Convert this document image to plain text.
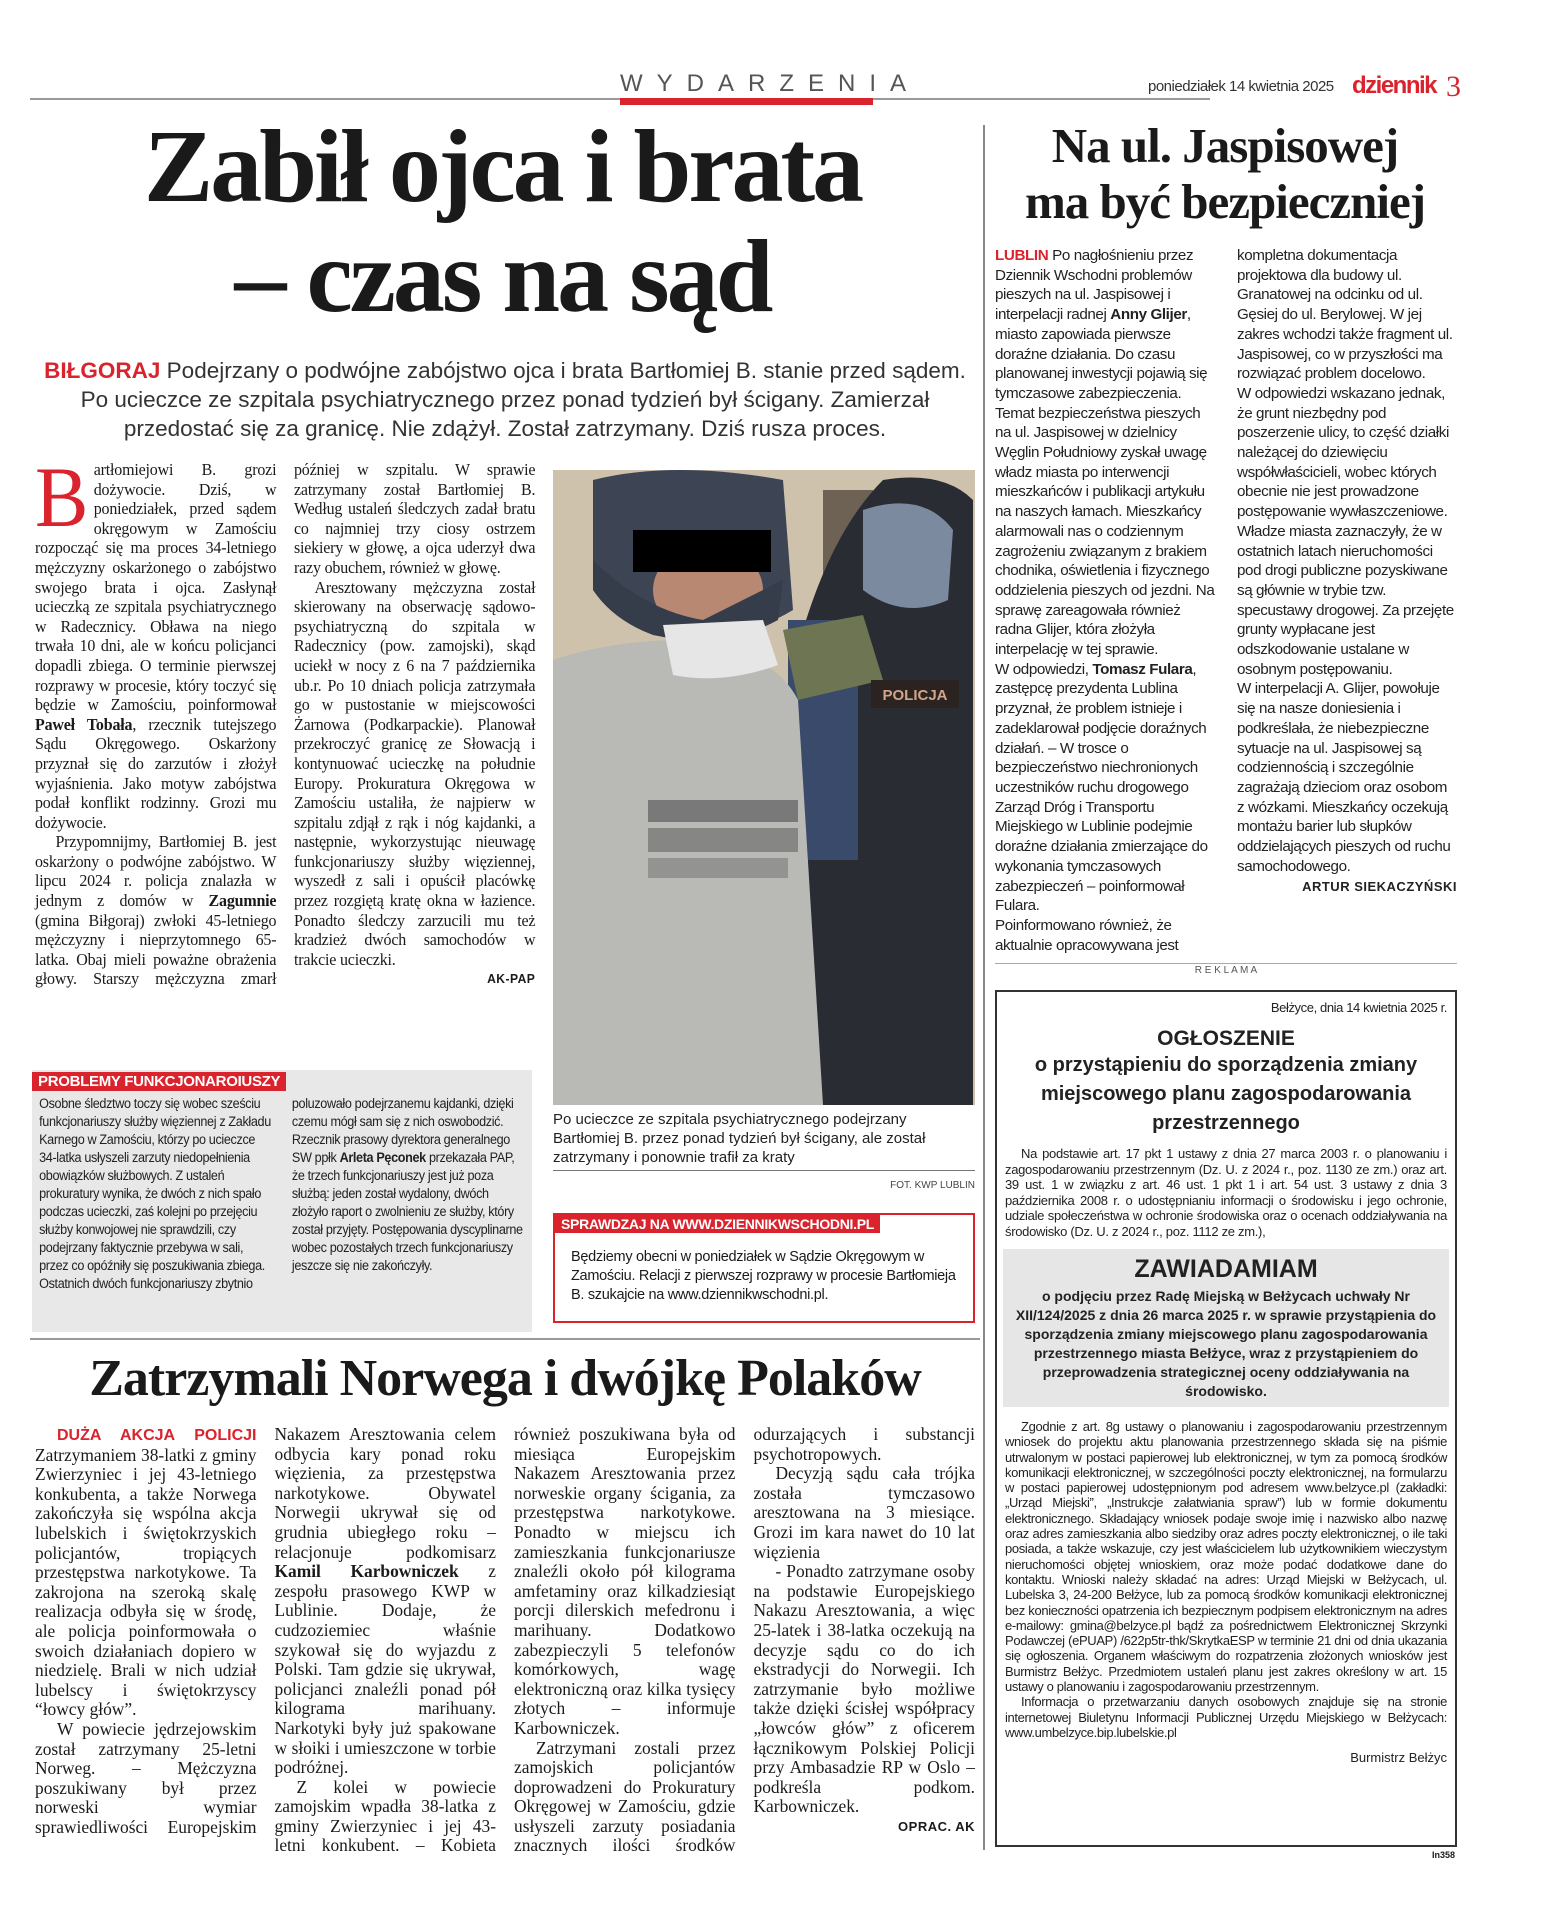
WYDARZENIA	poniedziałek 14 kwietnia 2025 dziennik 3
Zabił ojca i brata
– czas na sąd
BIŁGORAJ Podejrzany o podwójne zabójstwo ojca i brata Bartłomiej B. stanie przed sądem. Po ucieczce ze szpitala psychiatrycznego przez ponad tydzień był ścigany. Zamierzał przedostać się za granicę. Nie zdążył. Został zatrzymany. Dziś rusza proces.

Bartłomiejowi B. grozi dożywocie. Dziś, w poniedziałek, przed sądem okręgowym w Zamościu rozpocząć się ma proces 34-letniego mężczyzny oskarżonego o zabójstwo swojego brata i ojca. Zasłynął ucieczką ze szpitala psychiatrycznego w Radecznicy. Obława na niego trwała 10 dni, ale w końcu policjanci dopadli zbiega. O terminie pierwszej rozprawy w procesie, który toczyć się będzie w Zamościu, poinformował Paweł Tobała, rzecznik tutejszego Sądu Okręgowego. Oskarżony przyznał się do zarzutów i złożył wyjaśnienia. Jako motyw zabójstwa podał konflikt rodzinny. Grozi mu dożywocie.

Przypomnijmy, Bartłomiej B. jest oskarżony o podwójne zabójstwo. W lipcu 2024 r. policja znalazła w jednym z domów w Zagumnie (gmina Biłgoraj) zwłoki 45-letniego mężczyzny i nieprzytomnego 65-latka. Obaj mieli poważne obrażenia głowy. Starszy mężczyzna zmarł później w szpitalu. W sprawie zatrzymany został Bartłomiej B. Według ustaleń śledczych zadał bratu co najmniej trzy ciosy ostrzem siekiery w głowę, a ojca uderzył dwa razy obuchem, również w głowę.

Aresztowany mężczyzna został skierowany na obserwację sądowo-psychiatryczną do szpitala w Radecznicy (pow. zamojski), skąd uciekł w nocy z 6 na 7 października ub.r. Po 10 dniach policja zatrzymała go w pustostanie w miejscowości Żarnowa (Podkarpackie). Planował przekroczyć granicę ze Słowacją i kontynuować ucieczkę na południe Europy. Prokuratura Okręgowa w Zamościu ustaliła, że najpierw w szpitalu zdjął z rąk i nóg kajdanki, a następnie, wykorzystując nieuwagę funkcjonariuszy służby więziennej, wyszedł z sali i opuścił placówkę przez rozgiętą kratę okna w łazience. Ponadto śledczy zarzucili mu też kradzież dwóch samochodów w trakcie ucieczki.

AK-PAP
POLICJA
Po ucieczce ze szpitala psychiatrycznego podejrzany Bartłomiej B. przez ponad tydzień był ścigany, ale został zatrzymany i ponownie trafił za kraty
FOT. KWP LUBLIN
PROBLEMY FUNKCJONAROIUSZY
Osobne śledztwo toczy się wobec sześciu funkcjonariuszy służby więziennej z Zakładu Karnego w Zamościu, którzy po ucieczce 34-latka usłyszeli zarzuty niedopełnienia obowiązków służbowych. Z ustaleń prokuratury wynika, że dwóch z nich spało podczas ucieczki, zaś kolejni po przejęciu służby konwojowej nie sprawdzili, czy podejrzany faktycznie przebywa w sali, przez co opóźniły się poszukiwania zbiega. Ostatnich dwóch funkcjonariuszy zbytnio poluzowało podejrzanemu kajdanki, dzięki czemu mógł sam się z nich oswobodzić. Rzecznik prasowy dyrektora generalnego SW ppłk Arleta Pęconek przekazała PAP, że trzech funkcjonariuszy jest już poza służbą: jeden został wydalony, dwóch złożyło raport o zwolnieniu ze służby, który został przyjęty. Postępowania dyscyplinarne wobec pozostałych trzech funkcjonariuszy jeszcze się nie zakończyły.
SPRAWDZAJ NA WWW.DZIENNIKWSCHODNI.PL
Będziemy obecni w poniedziałek w Sądzie Okręgowym w Zamościu. Relacji z pierwszej rozprawy w procesie Bartłomieja B. szukajcie na www.dziennikwschodni.pl.
Na ul. Jaspisowej
ma być bezpieczniej

LUBLIN Po nagłośnieniu przez Dziennik Wschodni problemów pieszych na ul. Jaspisowej i interpelacji radnej Anny Glijer, miasto zapowiada pierwsze doraźne działania. Do czasu planowanej inwestycji pojawią się tymczasowe zabezpieczenia.

Temat bezpieczeństwa pieszych na ul. Jaspisowej w dzielnicy Węglin Południowy zyskał uwagę władz miasta po interwencji mieszkańców i publikacji artykułu na naszych łamach. Mieszkańcy alarmowali nas o codziennym zagrożeniu związanym z brakiem chodnika, oświetlenia i fizycznego oddzielenia pieszych od jezdni. Na sprawę zareagowała również radna Glijer, która złożyła interpelację w tej sprawie.

W odpowiedzi, Tomasz Fulara, zastępcę prezydenta Lublina przyznał, że problem istnieje i zadeklarował podjęcie doraźnych działań. – W trosce o bezpieczeństwo niechronionych uczestników ruchu drogowego Zarząd Dróg i Transportu Miejskiego w Lublinie podejmie doraźne działania zmierzające do wykonania tymczasowych zabezpieczeń – poinformował Fulara.

Poinformowano również, że aktualnie opracowywana jest kompletna dokumentacja projektowa dla budowy ul. Granatowej na odcinku od ul. Gęsiej do ul. Berylowej. W jej zakres wchodzi także fragment ul. Jaspisowej, co w przyszłości ma rozwiązać problem docelowo.

W odpowiedzi wskazano jednak, że grunt niezbędny pod poszerzenie ulicy, to część działki należącej do dziewięciu współwłaścicieli, wobec których obecnie nie jest prowadzone postępowanie wywłaszczeniowe. Władze miasta zaznaczyły, że w ostatnich latach nieruchomości pod drogi publiczne pozyskiwane są głównie w trybie tzw. specustawy drogowej. Za przejęte grunty wypłacane jest odszkodowanie ustalane w osobnym postępowaniu.

W interpelacji A. Glijer, powołuje się na nasze doniesienia i podkreślała, że niebezpieczne sytuacje na ul. Jaspisowej są codziennością i szczególnie zagrażają dzieciom oraz osobom z wózkami. Mieszkańcy oczekują montażu barier lub słupków oddzielających pieszych od ruchu samochodowego.

ARTUR SIEKACZYŃSKI
R E K L A M A
Bełżyce, dnia 14 kwietnia 2025 r.
OGŁOSZENIE
o przystąpieniu do sporządzenia zmiany miejscowego planu zagospodarowania przestrzennego
Na podstawie art. 17 pkt 1 ustawy z dnia 27 marca 2003 r. o planowaniu i zagospodarowaniu przestrzennym (Dz. U. z 2024 r., poz. 1130 ze zm.) oraz art. 39 ust. 1 w związku z art. 46 ust. 1 pkt 1 i art. 54 ust. 3 ustawy z dnia 3 października 2008 r. o udostępnianiu informacji o środowisku i jego ochronie, udziale społeczeństwa w ochronie środowiska oraz o ocenach oddziaływania na środowisko (Dz. U. z 2024 r., poz. 1112 ze zm.),
ZAWIADAMIAM
o podjęciu przez Radę Miejską w Bełżycach uchwały Nr XII/124/2025 z dnia 26 marca 2025 r. w sprawie przystąpienia do sporządzenia zmiany miejscowego planu zagospodarowania przestrzennego miasta Bełżyce, wraz z przystąpieniem do przeprowadzenia strategicznej oceny oddziaływania na środowisko.
Zgodnie z art. 8g ustawy o planowaniu i zagospodarowaniu przestrzennym wniosek do projektu aktu planowania przestrzennego składa się na piśmie utrwalonym w postaci papierowej lub elektronicznej, w tym za pomocą środków komunikacji elektronicznej, w szczególności poczty elektronicznej, na formularzu w postaci papierowej udostępnionym pod adresem www.belzyce.pl (zakładki: „Urząd Miejski”, „Instrukcje załatwiania spraw”) lub w formie dokumentu elektronicznego. Składający wniosek podaje swoje imię i nazwisko albo nazwę oraz adres zamieszkania albo siedziby oraz adres poczty elektronicznej, o ile taki posiada, a także wskazuje, czy jest właścicielem lub użytkownikiem wieczystym nieruchomości objętej wnioskiem, oraz może podać dodatkowe dane do kontaktu. Wnioski należy składać na adres: Urząd Miejski w Bełżycach, ul. Lubelska 3, 24-200 Bełżyce, lub za pomocą środków komunikacji elektronicznej bez konieczności opatrzenia ich bezpiecznym podpisem elektronicznym na adres e-mailowy: gmina@belzyce.pl bądź za pośrednictwem Elektronicznej Skrzynki Podawczej (ePUAP) /622p5tr-thk/SkrytkaESP w terminie 21 dni od dnia ukazania się ogłoszenia. Organem właściwym do rozpatrzenia złożonych wniosków jest Burmistrz Bełżyc. Przedmiotem ustaleń planu jest zakres określony w art. 15 ustawy o planowaniu i zagospodarowaniu przestrzennym.
Informacja o przetwarzaniu danych osobowych znajduje się na stronie internetowej Biuletynu Informacji Publicznej Urzędu Miejskiego w Bełżycach: www.umbelzyce.bip.lubelskie.pl
Burmistrz Bełżyc
In358
Zatrzymali Norwega i dwójkę Polaków

DUŻA AKCJA POLICJI Zatrzymaniem 38-latki z gminy Zwierzyniec i jej 43-letniego konkubenta, a także Norwega zakończyła się wspólna akcja lubelskich i świętokrzyskich policjantów, tropiących przestępstwa narkotykowe. Ta zakrojona na szeroką skalę realizacja odbyła się w środę, ale policja poinformowała o swoich działaniach dopiero w niedzielę. Brali w nich udział lubelscy i świętokrzyscy “łowcy głów”.

W powiecie jędrzejowskim został zatrzymany 25-letni Norweg. – Mężczyzna poszukiwany był przez norweski wymiar sprawiedliwości Europejskim Nakazem Aresztowania celem odbycia kary ponad roku więzienia, za przestępstwa narkotykowe. Obywatel Norwegii ukrywał się od grudnia ubiegłego roku – relacjonuje podkomisarz Kamil Karbowniczek z zespołu prasowego KWP w Lublinie. Dodaje, że cudzoziemiec właśnie szykował się do wyjazdu z Polski. Tam gdzie się ukrywał, policjanci znaleźli ponad pół kilograma marihuany. Narkotyki były już spakowane w słoiki i umieszczone w torbie podróżnej.

Z kolei w powiecie zamojskim wpadła 38-latka z gminy Zwierzyniec i jej 43-letni konkubent. – Kobieta również poszukiwana była od miesiąca Europejskim Nakazem Aresztowania przez norweskie organy ścigania, za przestępstwa narkotykowe. Ponadto w miejscu ich zamieszkania funkcjonariusze znaleźli około pół kilograma amfetaminy oraz kilkadziesiąt porcji dilerskich mefedronu i marihuany. Dodatkowo zabezpieczyli 5 telefonów komórkowych, wagę elektroniczną oraz kilka tysięcy złotych – informuje Karbowniczek.

Zatrzymani zostali przez zamojskich policjantów doprowadzeni do Prokuratury Okręgowej w Zamościu, gdzie usłyszeli zarzuty posiadania znacznych ilości środków odurzających i substancji psychotropowych.

Decyzją sądu cała trójka została tymczasowo aresztowana na 3 miesiące. Grozi im kara nawet do 10 lat więzienia

- Ponadto zatrzymane osoby na podstawie Europejskiego Nakazu Aresztowania, a więc 25-latek i 38-latka oczekują na decyzje sądu co do ich ekstradycji do Norwegii. Ich zatrzymanie było możliwe także dzięki ścisłej współpracy „łowców głów” z oficerem łącznikowym Polskiej Policji przy Ambasadzie RP w Oslo – podkreśla podkom. Karbowniczek.

OPRAC. AK
